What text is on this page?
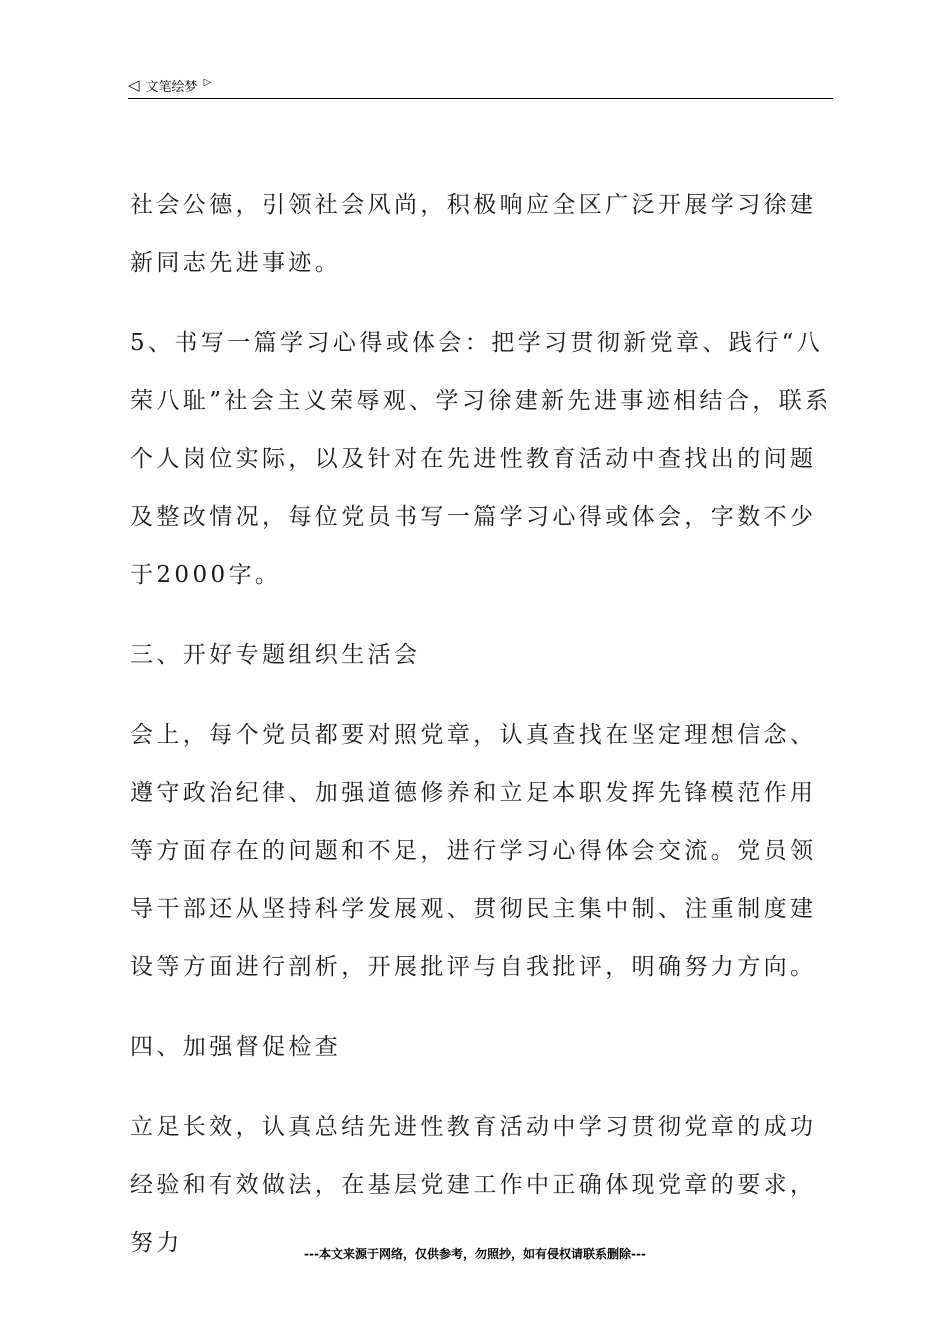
◁ 文笔绘梦 ▷

社会公德，引领社会风尚，积极响应全区广泛开展学习徐建新同志先进事迹。

5、书写一篇学习心得或体会：把学习贯彻新党章、践行“八荣八耻”社会主义荣辱观、学习徐建新先进事迹相结合，联系个人岗位实际，以及针对在先进性教育活动中查找出的问题及整改情况，每位党员书写一篇学习心得或体会，字数不少于2000字。

三、开好专题组织生活会

会上，每个党员都要对照党章，认真查找在坚定理想信念、遵守政治纪律、加强道德修养和立足本职发挥先锋模范作用等方面存在的问题和不足，进行学习心得体会交流。党员领导干部还从坚持科学发展观、贯彻民主集中制、注重制度建设等方面进行剖析，开展批评与自我批评，明确努力方向。

四、加强督促检查

立足长效，认真总结先进性教育活动中学习贯彻党章的成功经验和有效做法，在基层党建工作中正确体现党章的要求，努力	---本文来源于网络，仅供参考，勿照抄，如有侵权请联系删除---
